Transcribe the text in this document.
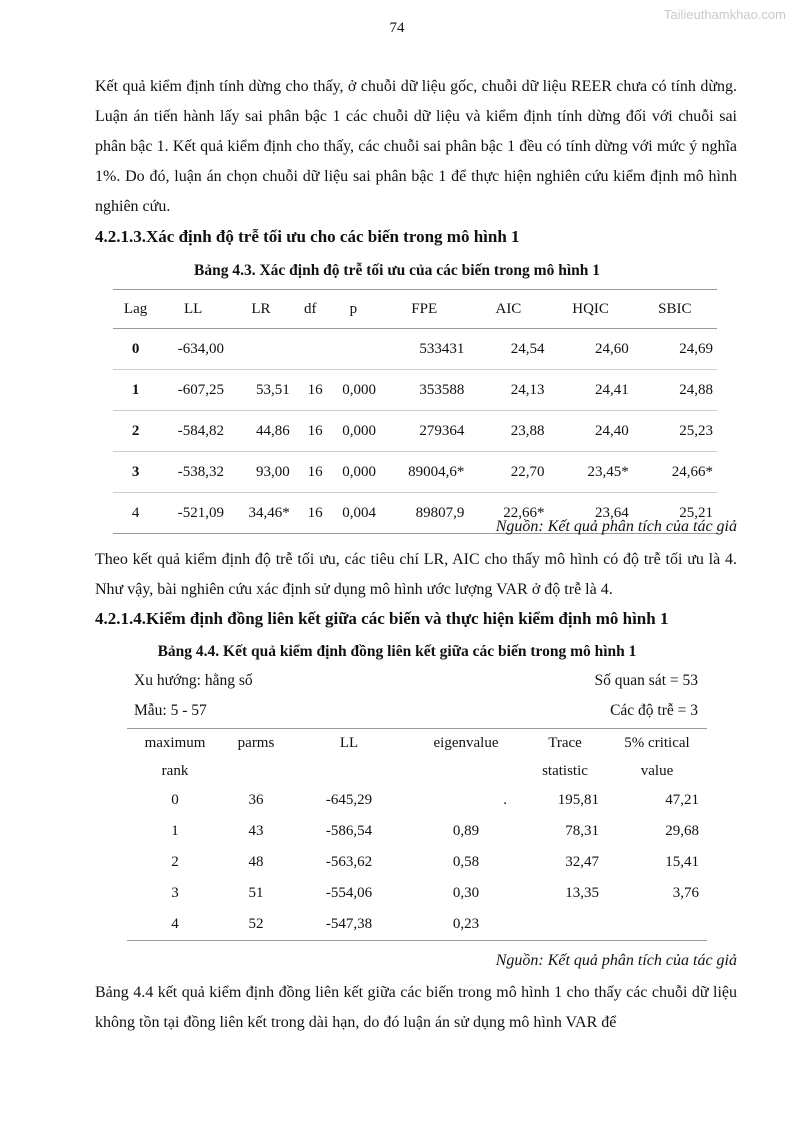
Tailieuthamkhao.com
74

Kết quả kiểm định tính dừng cho thấy, ở chuỗi dữ liệu gốc, chuỗi dữ liệu REER chưa có tính dừng. Luận án tiến hành lấy sai phân bậc 1 các chuỗi dữ liệu và kiểm định tính dừng đối với chuỗi sai phân bậc 1. Kết quả kiểm định cho thấy, các chuỗi sai phân bậc 1 đều có tính dừng với mức ý nghĩa 1%. Do đó, luận án chọn chuỗi dữ liệu sai phân bậc 1 để thực hiện nghiên cứu kiểm định mô hình nghiên cứu.

4.2.1.3.Xác định độ trễ tối ưu cho các biến trong mô hình 1

Bảng 4.3. Xác định độ trễ tối ưu của các biến trong mô hình 1

Lag	LL	LR	df	p	FPE	AIC	HQIC	SBIC
0	-634,00				533431	24,54	24,60	24,69
1	-607,25	53,51	16	0,000	353588	24,13	24,41	24,88
2	-584,82	44,86	16	0,000	279364	23,88	24,40	25,23
3	-538,32	93,00	16	0,000	89004,6*	22,70	23,45*	24,66*
4	-521,09	34,46*	16	0,004	89807,9	22,66*	23,64	25,21

Nguồn: Kết quả phân tích của tác giả

Theo kết quả kiểm định độ trễ tối ưu, các tiêu chí LR, AIC cho thấy mô hình có độ trễ tối ưu là 4. Như vậy, bài nghiên cứu xác định sử dụng mô hình ước lượng VAR ở độ trễ là 4.

4.2.1.4.Kiểm định đồng liên kết giữa các biến và thực hiện kiểm định mô hình 1

Bảng 4.4. Kết quả kiểm định đồng liên kết giữa các biến trong mô hình 1

Xu hướng: hằng số	Số quan sát = 53

Mẫu: 5 - 57	Các độ trễ = 3

maximum	parms	LL	eigenvalue	Trace	5% critical
rank				statistic	value
0	36	-645,29	.	195,81	47,21
1	43	-586,54	0,89	78,31	29,68
2	48	-563,62	0,58	32,47	15,41
3	51	-554,06	0,30	13,35	3,76
4	52	-547,38	0,23		

Nguồn: Kết quả phân tích của tác giả

Bảng 4.4 kết quả kiểm định đồng liên kết giữa các biến trong mô hình 1 cho thấy các chuỗi dữ liệu không tồn tại đồng liên kết trong dài hạn, do đó luận án sử dụng mô hình VAR để
